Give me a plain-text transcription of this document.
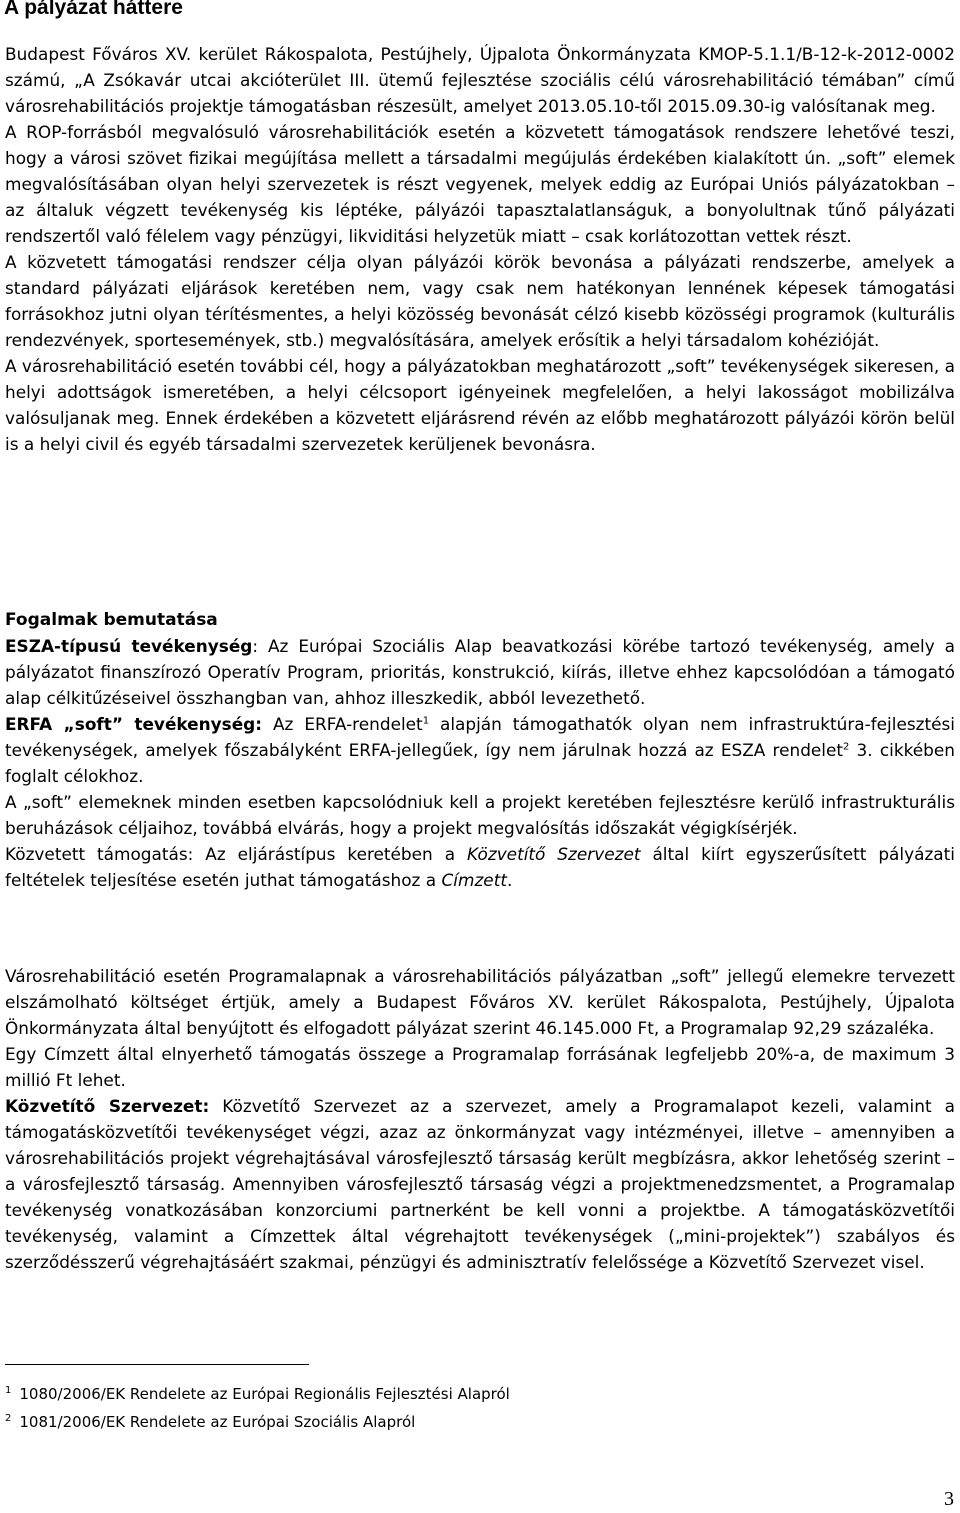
A pályázat háttere

Budapest Főváros XV. kerület Rákospalota, Pestújhely, Újpalota Önkormányzata KMOP-5.1.1/B-12-k-2012-0002 számú, „A Zsókavár utcai akcióterület III. ütemű fejlesztése szociális célú városrehabilitáció témában” című városrehabilitációs projektje támogatásban részesült, amelyet 2013.05.10-től 2015.09.30-ig valósítanak meg.

A ROP-forrásból megvalósuló városrehabilitációk esetén a közvetett támogatások rendszere lehetővé teszi, hogy a városi szövet fizikai megújítása mellett a társadalmi megújulás érdekében kialakított ún. „soft” elemek megvalósításában olyan helyi szervezetek is részt vegyenek, melyek eddig az Európai Uniós pályázatokban – az általuk végzett tevékenység kis léptéke, pályázói tapasztalatlanságuk, a bonyolultnak tűnő pályázati rendszertől való félelem vagy pénzügyi, likviditási helyzetük miatt – csak korlátozottan vettek részt.

A közvetett támogatási rendszer célja olyan pályázói körök bevonása a pályázati rendszerbe, amelyek a standard pályázati eljárások keretében nem, vagy csak nem hatékonyan lennének képesek támogatási forrásokhoz jutni olyan térítésmentes, a helyi közösség bevonását célzó kisebb közösségi programok (kulturális rendezvények, sportesemények, stb.) megvalósítására, amelyek erősítik a helyi társadalom kohézióját.

A városrehabilitáció esetén további cél, hogy a pályázatokban meghatározott „soft” tevékenységek sikeresen, a helyi adottságok ismeretében, a helyi célcsoport igényeinek megfelelően, a helyi lakosságot mobilizálva valósuljanak meg. Ennek érdekében a közvetett eljárásrend révén az előbb meghatározott pályázói körön belül is a helyi civil és egyéb társadalmi szervezetek kerüljenek bevonásra.

Fogalmak bemutatása

ESZA-típusú tevékenység: Az Európai Szociális Alap beavatkozási körébe tartozó tevékenység, amely a pályázatot finanszírozó Operatív Program, prioritás, konstrukció, kiírás, illetve ehhez kapcsolódóan a támogató alap célkitűzéseivel összhangban van, ahhoz illeszkedik, abból levezethető.

ERFA „soft” tevékenység: Az ERFA-rendelet$^1$ alapján támogathatók olyan nem infrastruktúra-fejlesztési tevékenységek, amelyek főszabályként ERFA-jellegűek, így nem járulnak hozzá az ESZA rendelet$^2$ 3. cikkében foglalt célokhoz.

A „soft” elemeknek minden esetben kapcsolódniuk kell a projekt keretében fejlesztésre kerülő infrastrukturális beruházások céljaihoz, továbbá elvárás, hogy a projekt megvalósítás időszakát végigkísérjék.

Közvetett támogatás: Az eljárástípus keretében a Közvetítő Szervezet által kiírt egyszerűsített pályázati feltételek teljesítése esetén juthat támogatáshoz a Címzett.

Városrehabilitáció esetén Programalapnak a városrehabilitációs pályázatban „soft” jellegű elemekre tervezett elszámolható költséget értjük, amely a Budapest Főváros XV. kerület Rákospalota, Pestújhely, Újpalota Önkormányzata által benyújtott és elfogadott pályázat szerint 46.145.000 Ft, a Programalap 92,29 százaléka.

Egy Címzett által elnyerhető támogatás összege a Programalap forrásának legfeljebb 20%-a, de maximum 3 millió Ft lehet.

Közvetítő Szervezet: Közvetítő Szervezet az a szervezet, amely a Programalapot kezeli, valamint a támogatásközvetítői tevékenységet végzi, azaz az önkormányzat vagy intézményei, illetve – amennyiben a városrehabilitációs projekt végrehajtásával városfejlesztő társaság került megbízásra, akkor lehetőség szerint – a városfejlesztő társaság. Amennyiben városfejlesztő társaság végzi a projektmenedzsmentet, a Programalap tevékenység vonatkozásában konzorciumi partnerként be kell vonni a projektbe. A támogatásközvetítői tevékenység, valamint a Címzettek által végrehajtott tevékenységek („mini-projektek”) szabályos és szerződésszerű végrehajtásáért szakmai, pénzügyi és adminisztratív felelőssége a Közvetítő Szervezet visel.

$^1$ 1080/2006/EK Rendelete az Európai Regionális Fejlesztési Alapról
$^2$ 1081/2006/EK Rendelete az Európai Szociális Alapról
3
